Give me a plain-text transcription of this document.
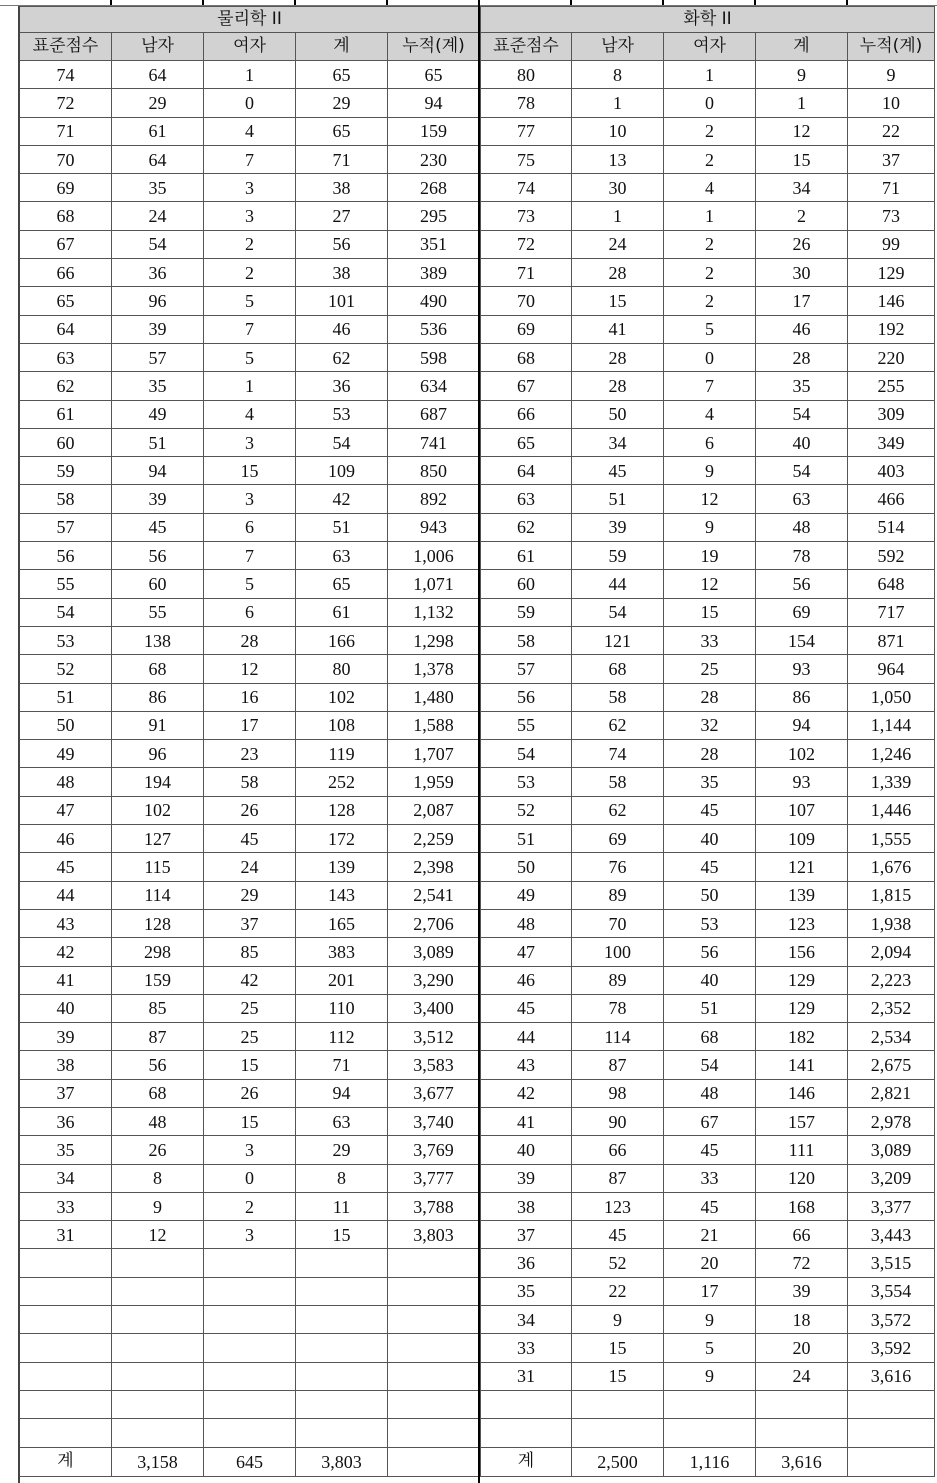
물리학 II				
표준점수	남자	여자	계	누적(계)
74	64	1	65	65
72	29	0	29	94
71	61	4	65	159
70	64	7	71	230
69	35	3	38	268
68	24	3	27	295
67	54	2	56	351
66	36	2	38	389
65	96	5	101	490
64	39	7	46	536
63	57	5	62	598
62	35	1	36	634
61	49	4	53	687
60	51	3	54	741
59	94	15	109	850
58	39	3	42	892
57	45	6	51	943
56	56	7	63	1,006
55	60	5	65	1,071
54	55	6	61	1,132
53	138	28	166	1,298
52	68	12	80	1,378
51	86	16	102	1,480
50	91	17	108	1,588
49	96	23	119	1,707
48	194	58	252	1,959
47	102	26	128	2,087
46	127	45	172	2,259
45	115	24	139	2,398
44	114	29	143	2,541
43	128	37	165	2,706
42	298	85	383	3,089
41	159	42	201	3,290
40	85	25	110	3,400
39	87	25	112	3,512
38	56	15	71	3,583
37	68	26	94	3,677
36	48	15	63	3,740
35	26	3	29	3,769
34	8	0	8	3,777
33	9	2	11	3,788
31	12	3	15	3,803

계	3,158	645	3,803	
화학 II				
표준점수	남자	여자	계	누적(계)
80	8	1	9	9
78	1	0	1	10
77	10	2	12	22
75	13	2	15	37
74	30	4	34	71
73	1	1	2	73
72	24	2	26	99
71	28	2	30	129
70	15	2	17	146
69	41	5	46	192
68	28	0	28	220
67	28	7	35	255
66	50	4	54	309
65	34	6	40	349
64	45	9	54	403
63	51	12	63	466
62	39	9	48	514
61	59	19	78	592
60	44	12	56	648
59	54	15	69	717
58	121	33	154	871
57	68	25	93	964
56	58	28	86	1,050
55	62	32	94	1,144
54	74	28	102	1,246
53	58	35	93	1,339
52	62	45	107	1,446
51	69	40	109	1,555
50	76	45	121	1,676
49	89	50	139	1,815
48	70	53	123	1,938
47	100	56	156	2,094
46	89	40	129	2,223
45	78	51	129	2,352
44	114	68	182	2,534
43	87	54	141	2,675
42	98	48	146	2,821
41	90	67	157	2,978
40	66	45	111	3,089
39	87	33	120	3,209
38	123	45	168	3,377
37	45	21	66	3,443
36	52	20	72	3,515
35	22	17	39	3,554
34	9	9	18	3,572
33	15	5	20	3,592
31	15	9	24	3,616

계	2,500	1,116	3,616	
